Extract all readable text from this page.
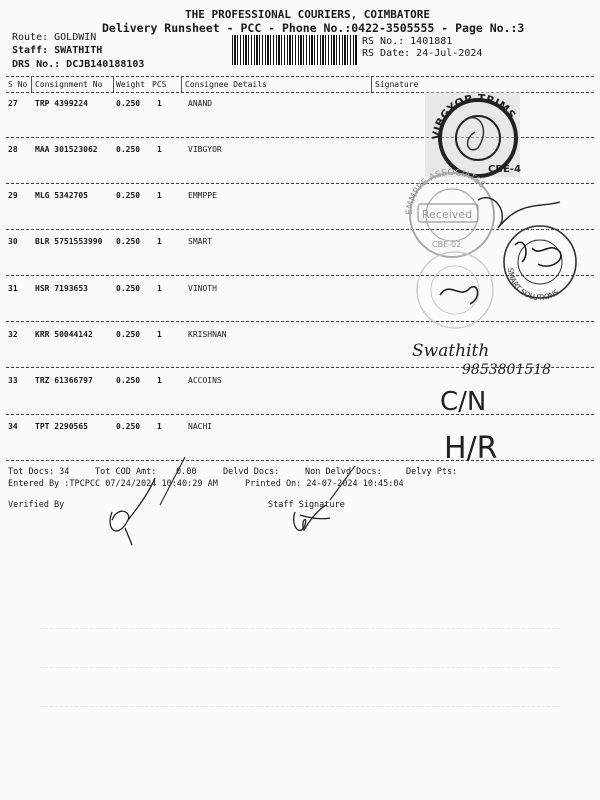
THE PROFESSIONAL COURIERS, COIMBATORE
Delivery Runsheet - PCC - Phone No.:0422-3505555 - Page No.:3
Route: GOLDWIN
Staff: SWATHITH
DRS No.: DCJB140188103
RS No.: 1401881
RS Date: 24-Jul-2024
S No Consignment No Weight PCS Consignee Details	Signature
27 TRP 4399224	0.250 1	ANAND
28 MAA 301523062 0.250 1	VIBGYOR
29 MLG 5342705	0.250 1	EMMPPE
30 BLR 5751553990 0.250 1	SMART
31 HSR 7193653	0.250 1	VINOTH
32 KRR 50044142	0.250 1	KRISHNAN
33 TRZ 61366797	0.250 1	ACCOINS
34 TPT 2290565	0.250 1	NACHI
Tot Docs: 34	Tot COD Amt: 0.00	Delvd Docs:	Non Delvd Docs:	Delvy Pts:
Entered By :TPCPCC 07/24/2024 10:40:29 AM	Printed On: 24-07-2024 10:45:04
Verified By	Staff Signature
VIBGYOR TRIMS
CBE-4
EMMPPE ASSOCIATES
Received
CBE-02
SMART SOLUTIONS
Swathith
9853801518
C/N
H/R
